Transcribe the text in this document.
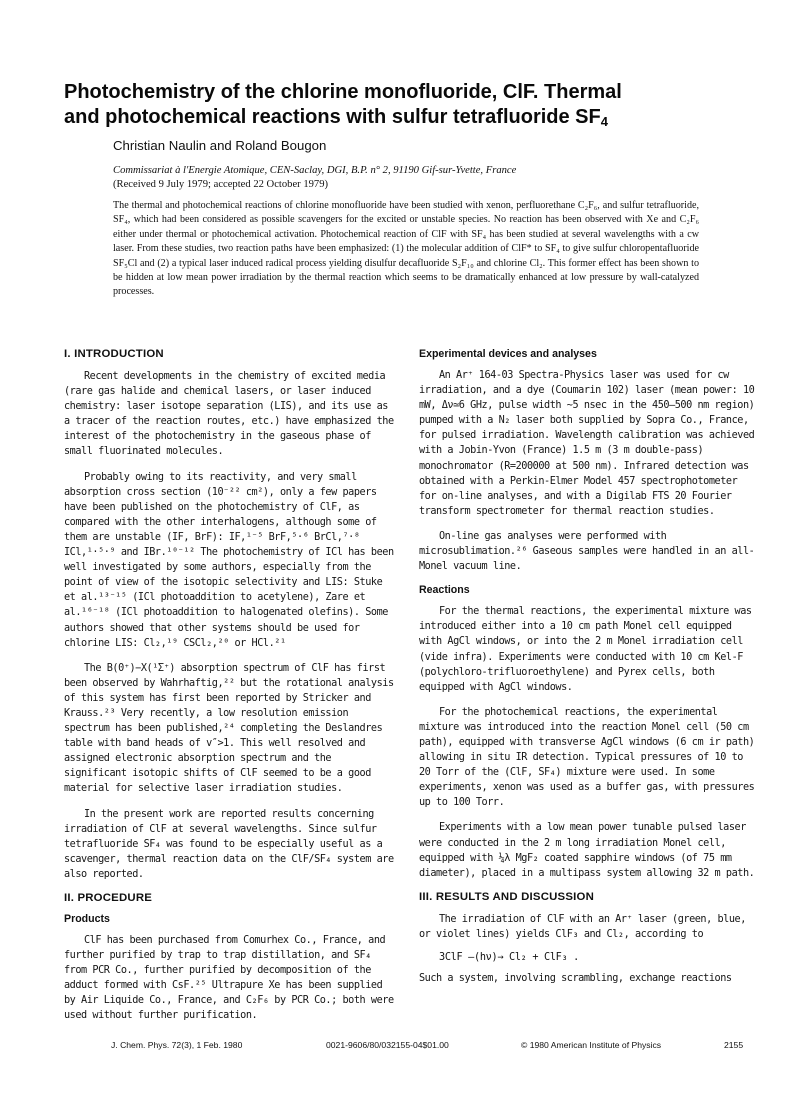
Photochemistry of the chlorine monofluoride, ClF. Thermal
and photochemical reactions with sulfur tetrafluoride $SF_4$
Christian Naulin and Roland Bougon
Commissariat à l'Energie Atomique, CEN-Saclay, DGI, B.P. n° 2, 91190 Gif-sur-Yvette, France
(Received 9 July 1979; accepted 22 October 1979)
The thermal and photochemical reactions of chlorine monofluoride have been studied with xenon, perfluorethane C₂F₆, and sulfur tetrafluoride, SF₄, which had been considered as possible scavengers for the excited or unstable species. No reaction has been observed with Xe and C₂F₆ either under thermal or photochemical activation. Photochemical reaction of ClF with SF₄ has been studied at several wavelengths with a cw laser. From these studies, two reaction paths have been emphasized: (1) the molecular addition of ClF* to SF₄ to give sulfur chloropentafluoride SF₅Cl and (2) a typical laser induced radical process yielding disulfur decafluoride S₂F₁₀ and chlorine Cl₂. This former effect has been shown to be hidden at low mean power irradiation by the thermal reaction which seems to be dramatically enhanced at low pressure by wall-catalyzed processes.
I. INTRODUCTION

Recent developments in the chemistry of excited media (rare gas halide and chemical lasers, or laser induced chemistry: laser isotope separation (LIS), and its use as a tracer of the reaction routes, etc.) have emphasized the interest of the photochemistry in the gaseous phase of small fluorinated molecules.

Probably owing to its reactivity, and very small absorption cross section (10⁻²² cm²), only a few papers have been published on the photochemistry of ClF, as compared with the other interhalogens, although some of them are unstable (IF, BrF): IF,¹⁻⁵ BrF,⁵·⁶ BrCl,⁷·⁸ ICl,¹·⁵·⁹ and IBr.¹⁰⁻¹² The photochemistry of ICl has been well investigated by some authors, especially from the point of view of the isotopic selectivity and LIS: Stuke et al.¹³⁻¹⁵ (ICl photoaddition to acetylene), Zare et al.¹⁶⁻¹⁸ (ICl photoaddition to halogenated olefins). Some authors showed that other systems should be used for chlorine LIS: Cl₂,¹⁹ CSCl₂,²⁰ or HCl.²¹

The B(0⁺)−X(¹Σ⁺) absorption spectrum of ClF has first been observed by Wahrhaftig,²² but the rotational analysis of this system has first been reported by Stricker and Krauss.²³ Very recently, a low resolution emission spectrum has been published,²⁴ completing the Deslandres table with band heads of v″>1. This well resolved and assigned electronic absorption spectrum and the significant isotopic shifts of ClF seemed to be a good material for selective laser irradiation studies.

In the present work are reported results concerning irradiation of ClF at several wavelengths. Since sulfur tetrafluoride SF₄ was found to be especially useful as a scavenger, thermal reaction data on the ClF/SF₄ system are also reported.

II. PROCEDURE
Products

ClF has been purchased from Comurhex Co., France, and further purified by trap to trap distillation, and SF₄ from PCR Co., further purified by decomposition of the adduct formed with CsF.²⁵ Ultrapure Xe has been supplied by Air Liquide Co., France, and C₂F₆ by PCR Co.; both were used without further purification.

Experimental devices and analyses

An Ar⁺ 164-03 Spectra-Physics laser was used for cw irradiation, and a dye (Coumarin 102) laser (mean power: 10 mW, Δν≃6 GHz, pulse width ~5 nsec in the 450–500 nm region) pumped with a N₂ laser both supplied by Sopra Co., France, for pulsed irradiation. Wavelength calibration was achieved with a Jobin-Yvon (France) 1.5 m (3 m double-pass) monochromator (R=200000 at 500 nm). Infrared detection was obtained with a Perkin-Elmer Model 457 spectrophotometer for on-line analyses, and with a Digilab FTS 20 Fourier transform spectrometer for thermal reaction studies.

On-line gas analyses were performed with microsublimation.²⁶ Gaseous samples were handled in an all-Monel vacuum line.

Reactions

For the thermal reactions, the experimental mixture was introduced either into a 10 cm path Monel cell equipped with AgCl windows, or into the 2 m Monel irradiation cell (vide infra). Experiments were conducted with 10 cm Kel-F (polychloro-trifluoroethylene) and Pyrex cells, both equipped with AgCl windows.

For the photochemical reactions, the experimental mixture was introduced into the reaction Monel cell (50 cm path), equipped with transverse AgCl windows (6 cm ir path) allowing in situ IR detection. Typical pressures of 10 to 20 Torr of the (ClF, SF₄) mixture were used. In some experiments, xenon was used as a buffer gas, with pressures up to 100 Torr.

Experiments with a low mean power tunable pulsed laser were conducted in the 2 m long irradiation Monel cell, equipped with ¼λ MgF₂ coated sapphire windows (of 75 mm diameter), placed in a multipass system allowing 32 m path.

III. RESULTS AND DISCUSSION

The irradiation of ClF with an Ar⁺ laser (green, blue, or violet lines) yields ClF₃ and Cl₂, according to

3ClF —(hν)→ Cl₂ + ClF₃ .

Such a system, involving scrambling, exchange reactions

J. Chem. Phys. 72(3), 1 Feb. 1980	0021-9606/80/032155-04$01.00	© 1980 American Institute of Physics	2155
